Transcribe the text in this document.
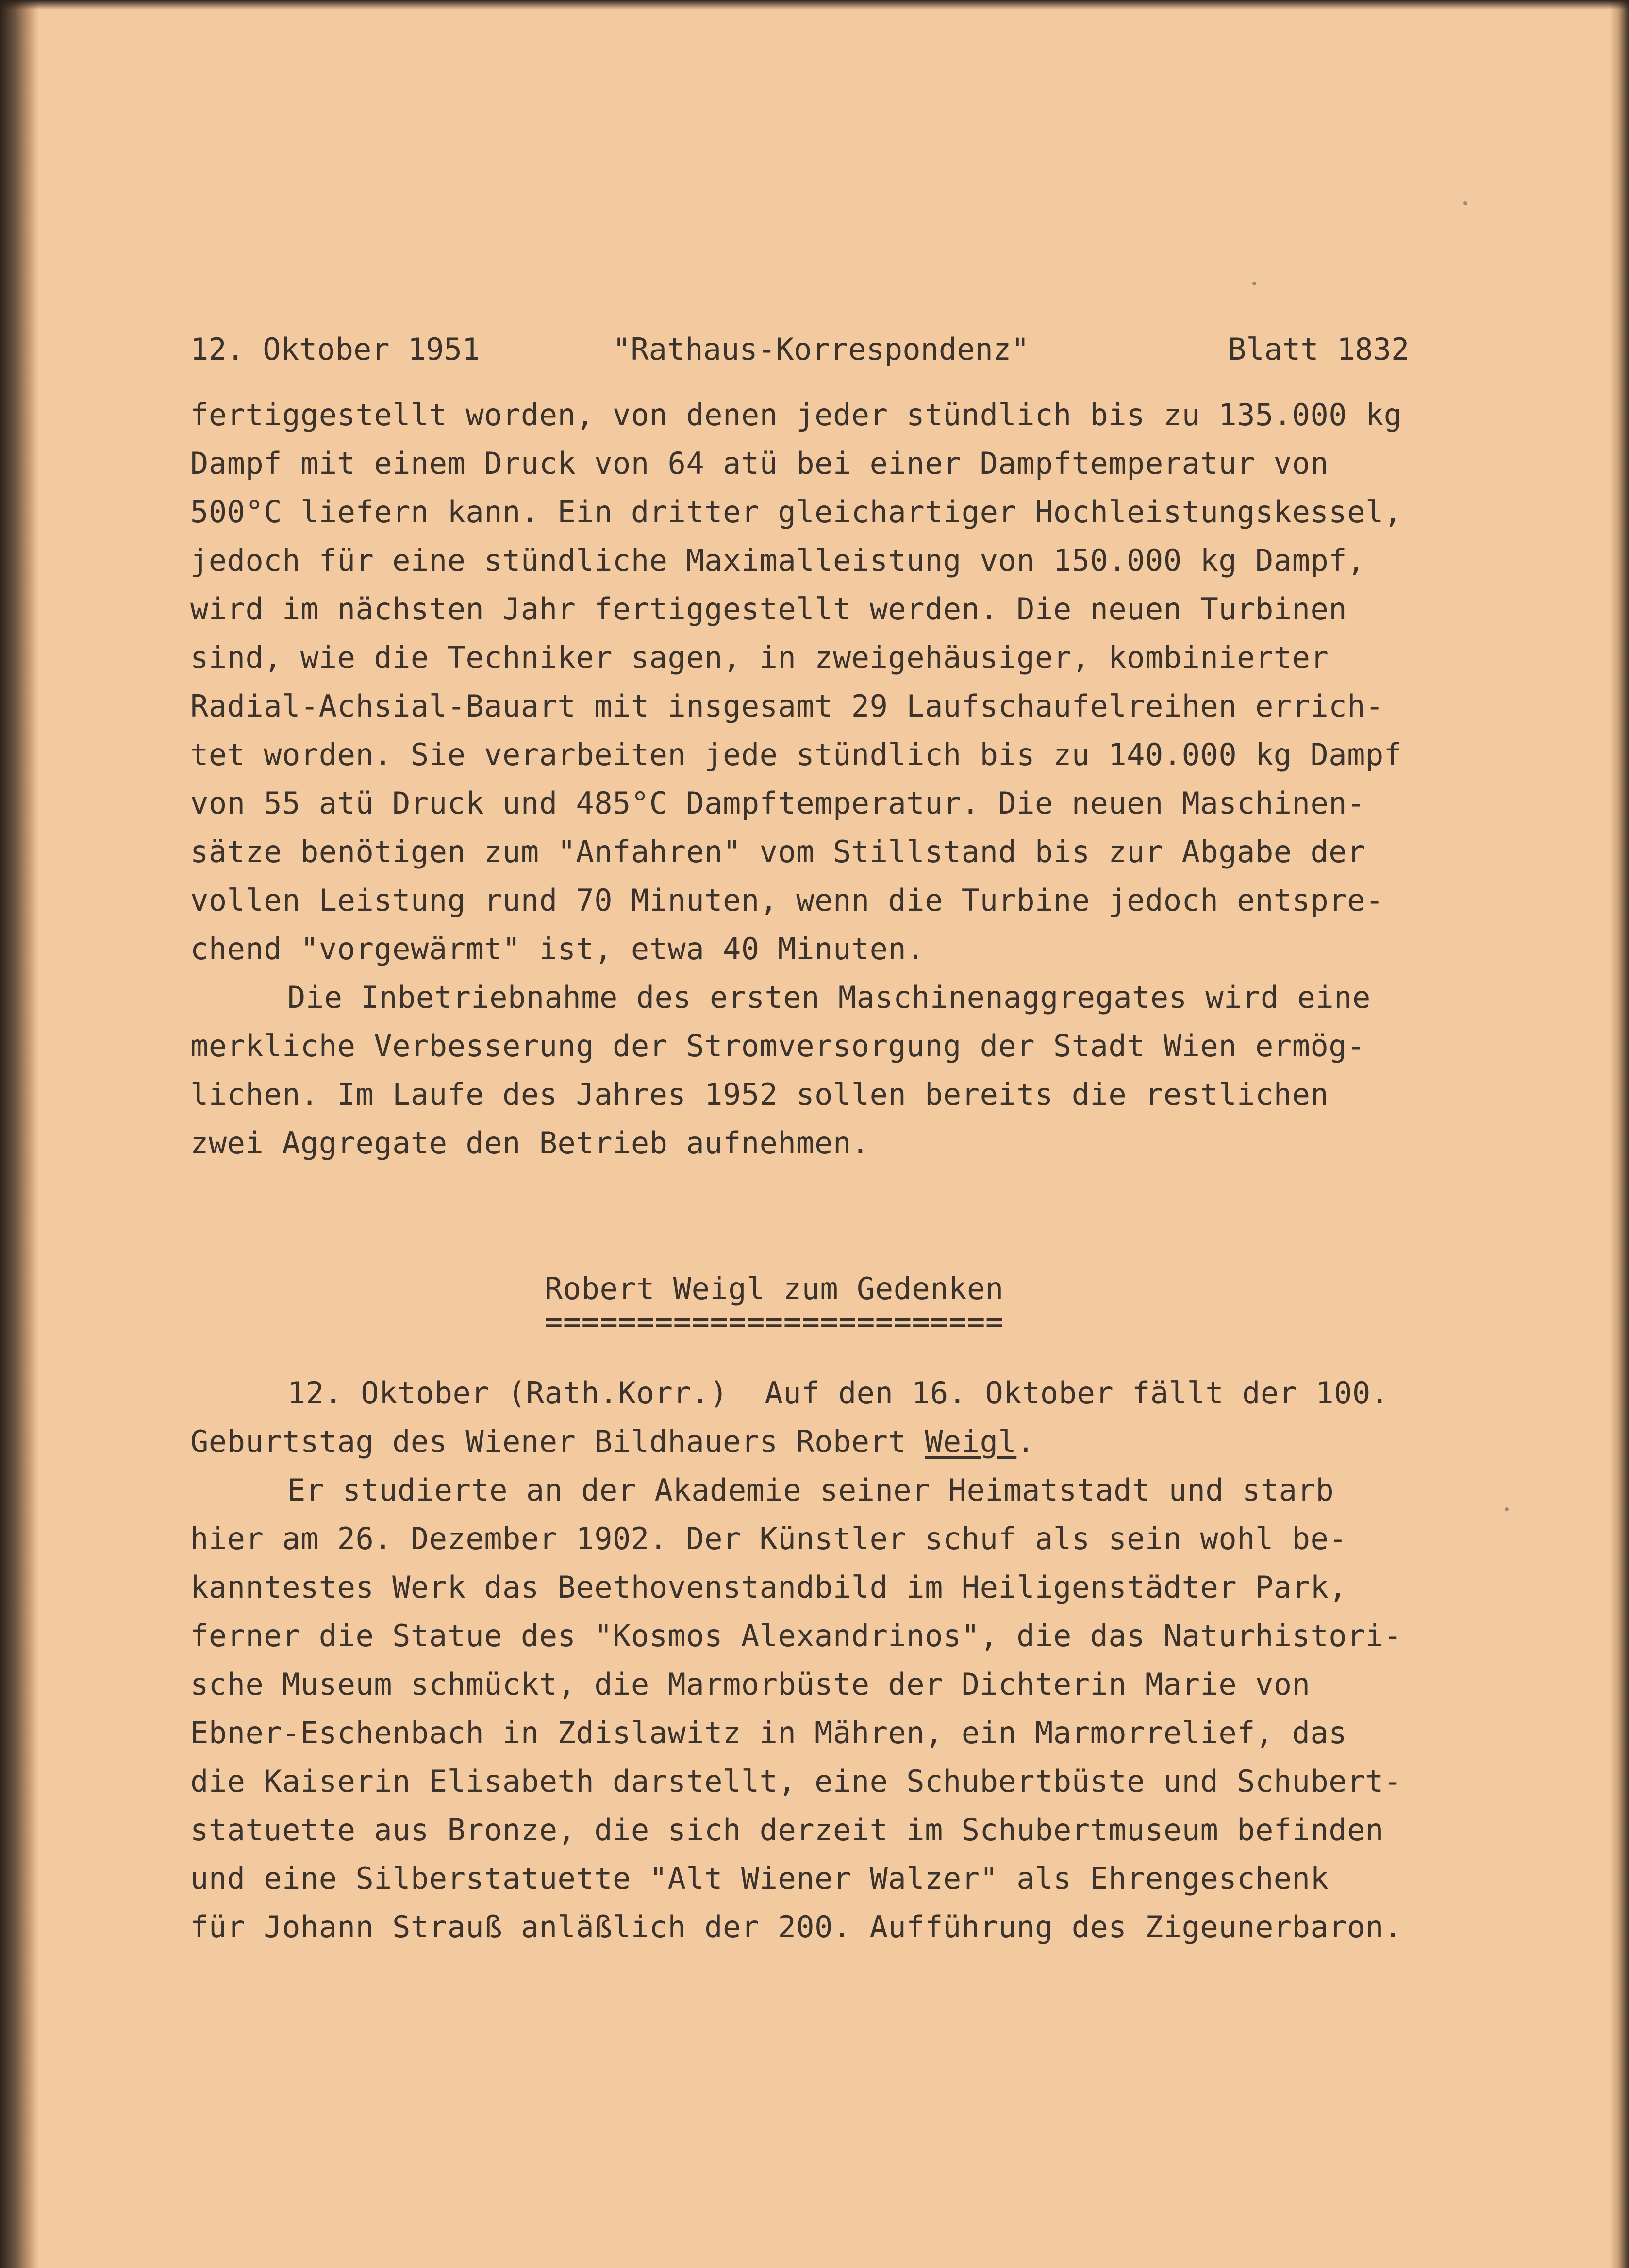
12. Oktober 1951	"Rathaus-Korrespondenz"	Blatt 1832

fertiggestellt worden, von denen jeder stündlich bis zu 135.000 kg

Dampf mit einem Druck von 64 atü bei einer Dampftemperatur von

500°C liefern kann. Ein dritter gleichartiger Hochleistungskessel,

jedoch für eine stündliche Maximalleistung von 150.000 kg Dampf,

wird im nächsten Jahr fertiggestellt werden. Die neuen Turbinen

sind, wie die Techniker sagen, in zweigehäusiger, kombinierter

Radial-Achsial-Bauart mit insgesamt 29 Laufschaufelreihen errich-

tet worden. Sie verarbeiten jede stündlich bis zu 140.000 kg Dampf

von 55 atü Druck und 485°C Dampftemperatur. Die neuen Maschinen-

sätze benötigen zum "Anfahren" vom Stillstand bis zur Abgabe der

vollen Leistung rund 70 Minuten, wenn die Turbine jedoch entspre-

chend "vorgewärmt" ist, etwa 40 Minuten.

Die Inbetriebnahme des ersten Maschinenaggregates wird eine

merkliche Verbesserung der Stromversorgung der Stadt Wien ermög-

lichen. Im Laufe des Jahres 1952 sollen bereits die restlichen

zwei Aggregate den Betrieb aufnehmen.

Robert Weigl zum Gedenken

=========================

12. Oktober (Rath.Korr.)  Auf den 16. Oktober fällt der 100.

Geburtstag des Wiener Bildhauers Robert Weigl.

Er studierte an der Akademie seiner Heimatstadt und starb

hier am 26. Dezember 1902. Der Künstler schuf als sein wohl be-

kanntestes Werk das Beethovenstandbild im Heiligenstädter Park,

ferner die Statue des "Kosmos Alexandrinos", die das Naturhistori-

sche Museum schmückt, die Marmorbüste der Dichterin Marie von

Ebner-Eschenbach in Zdislawitz in Mähren, ein Marmorrelief, das

die Kaiserin Elisabeth darstellt, eine Schubertbüste und Schubert-

statuette aus Bronze, die sich derzeit im Schubertmuseum befinden

und eine Silberstatuette "Alt Wiener Walzer" als Ehrengeschenk

für Johann Strauß anläßlich der 200. Aufführung des Zigeunerbaron.
